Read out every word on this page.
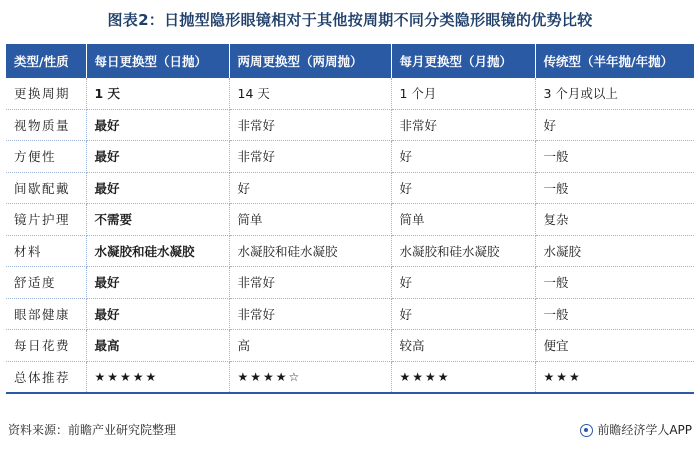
图表2：日抛型隐形眼镜相对于其他按周期不同分类隐形眼镜的优势比较
类型/性质	每日更换型（日抛）	两周更换型（两周抛）	每月更换型（月抛）	传统型（半年抛/年抛）
更换周期	1 天	14 天	1 个月	3 个月或以上
视物质量	最好	非常好	非常好	好
方便性	最好	非常好	好	一般
间歇配戴	最好	好	好	一般
镜片护理	不需要	简单	简单	复杂
材料	水凝胶和硅水凝胶	水凝胶和硅水凝胶	水凝胶和硅水凝胶	水凝胶
舒适度	最好	非常好	好	一般
眼部健康	最好	非常好	好	一般
每日花费	最高	高	较高	便宜
总体推荐	★★★★★	★★★★☆	★★★★	★★★
资料来源：前瞻产业研究院整理	前瞻经济学人APP
